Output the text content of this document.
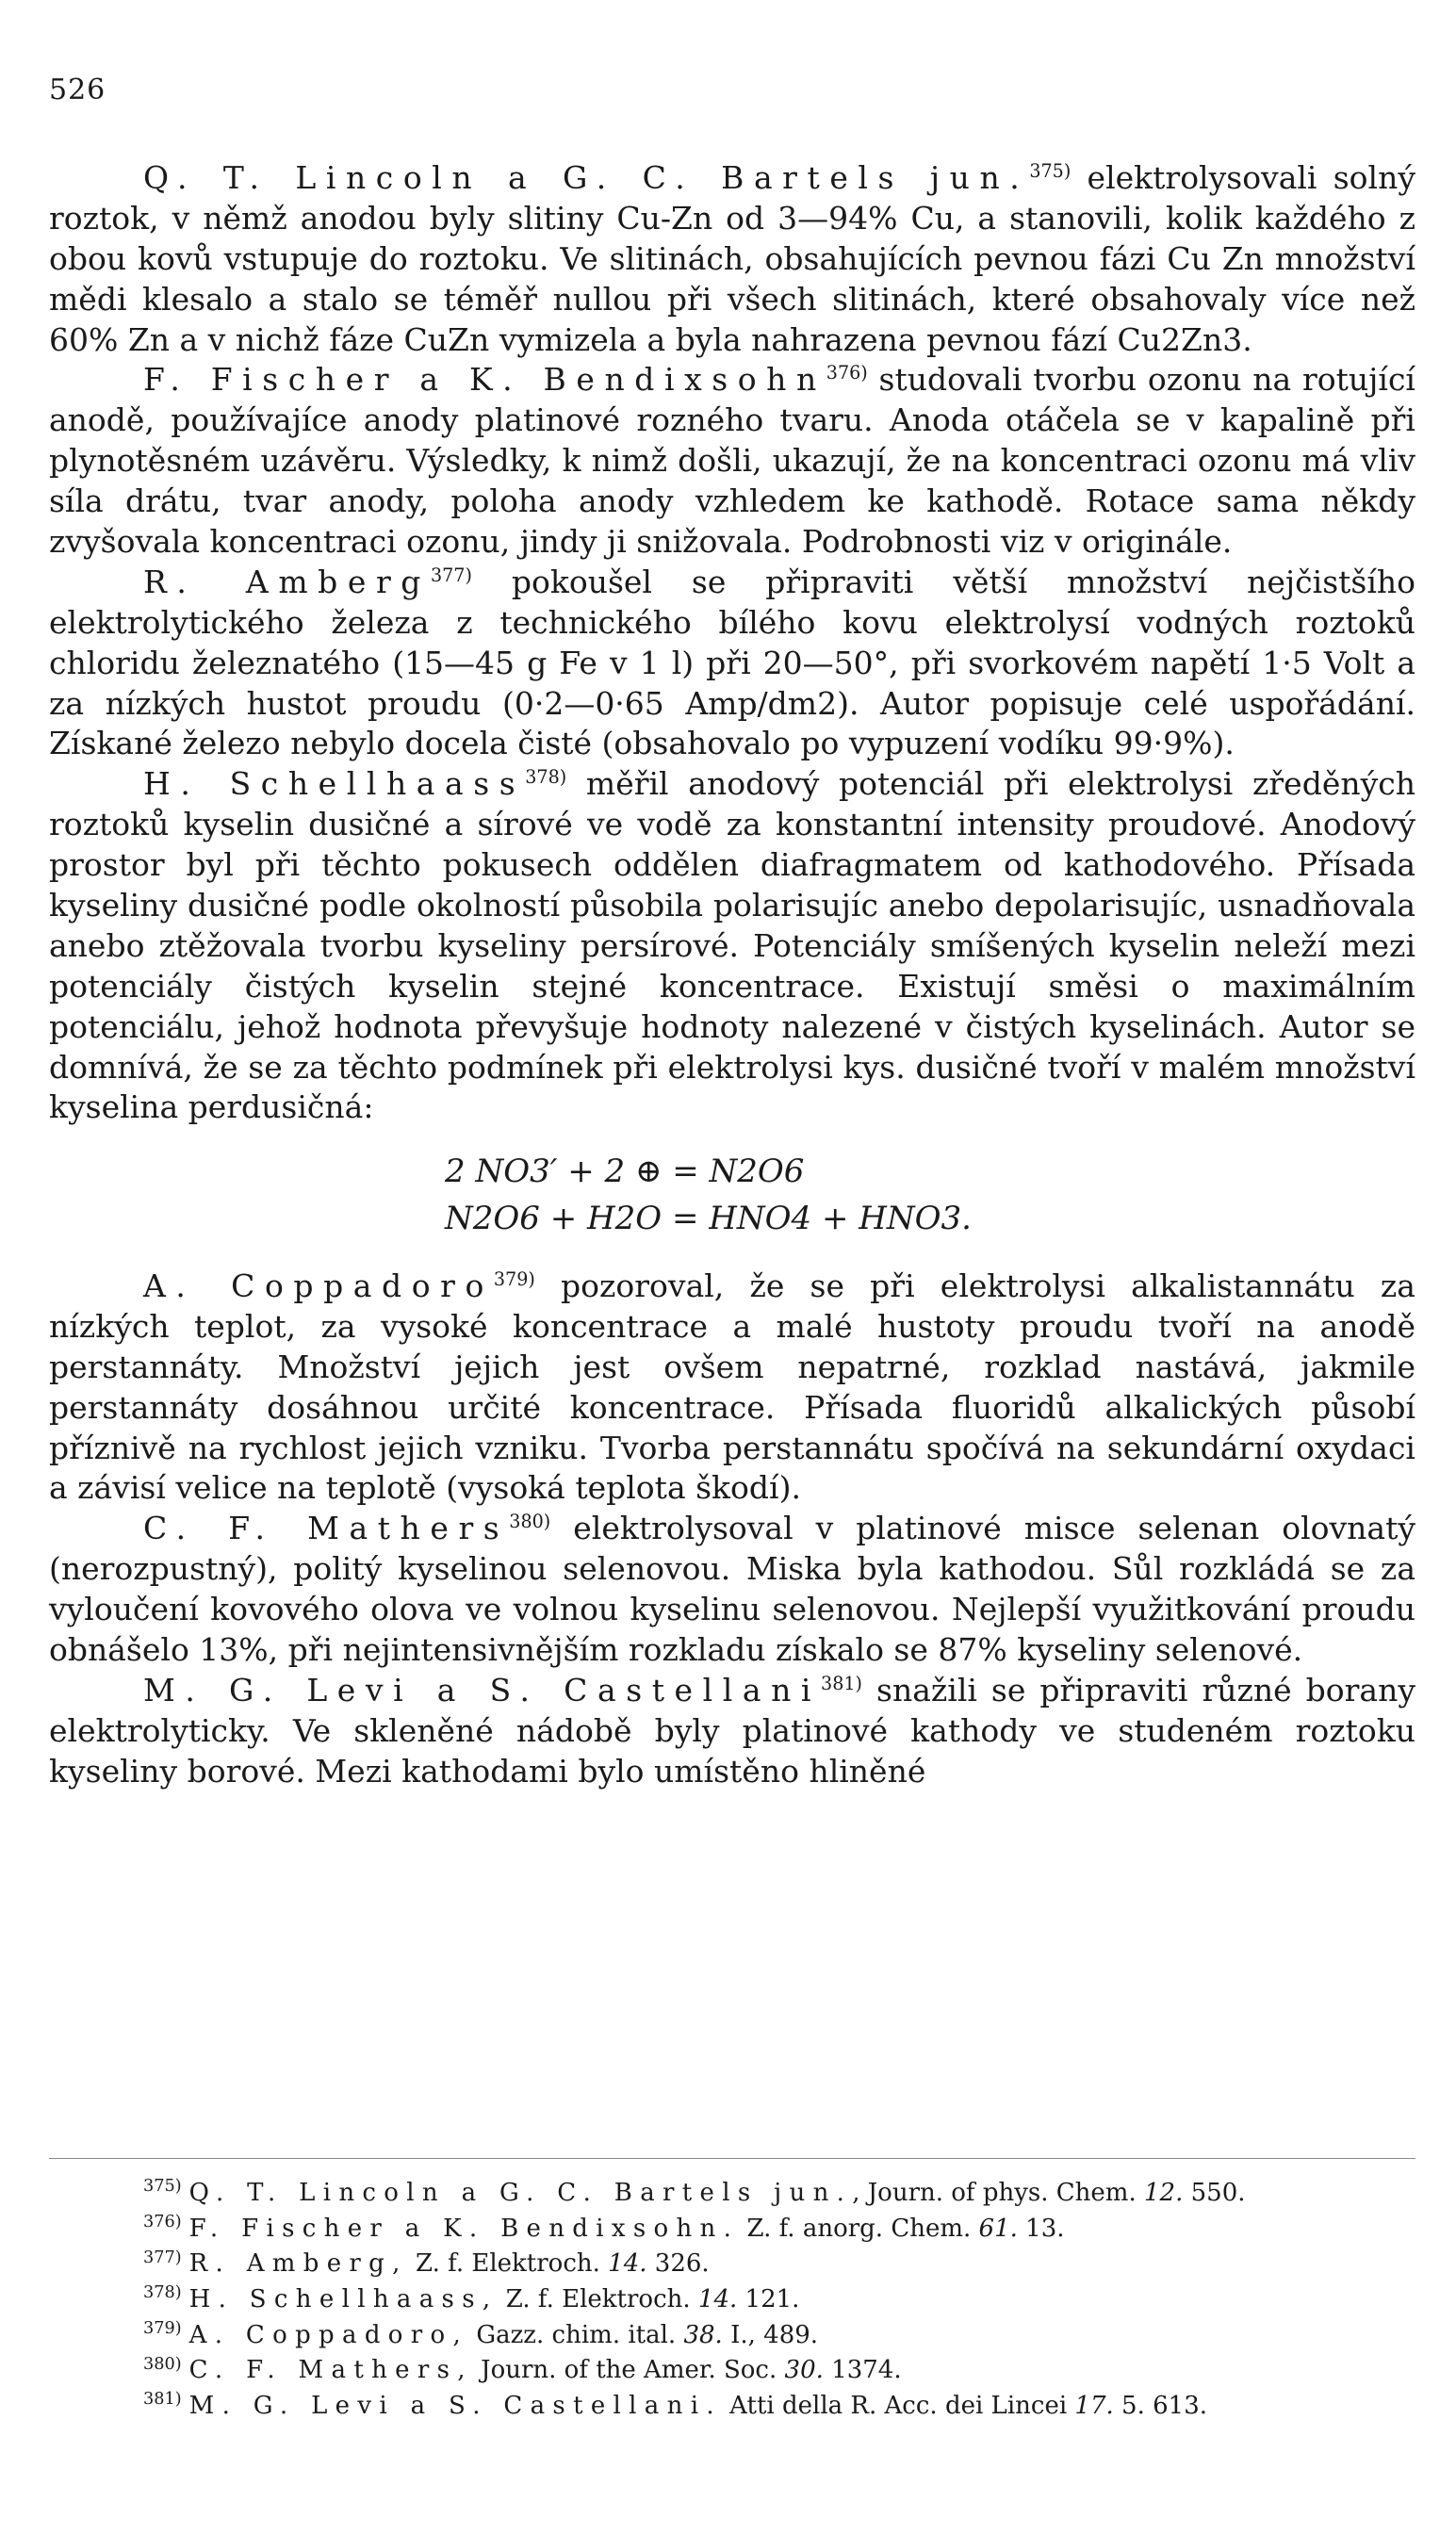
526

Q. T. Lincoln a G. C. Bartels jun.$^{375)}$ elektrolysovali solný roztok, v němž anodou byly slitiny Cu-Zn od 3—94% Cu, a stanovili, kolik každého z obou kovů vstupuje do roztoku. Ve slitinách, obsahujících pevnou fázi Cu Zn množství mědi klesalo a stalo se téměř nullou při všech slitinách, které obsahovaly více než 60% Zn a v nichž fáze CuZn vymizela a byla nahrazena pevnou fází Cu2Zn3.

F. Fischer a K. Bendixsohn$^{376)}$ studovali tvorbu ozonu na rotující anodě, používajíce anody platinové rozného tvaru. Anoda otáčela se v kapalině při plynotěsném uzávěru. Výsledky, k nimž došli, ukazují, že na koncentraci ozonu má vliv síla drátu, tvar anody, poloha anody vzhledem ke kathodě. Rotace sama někdy zvyšovala koncentraci ozonu, jindy ji snižovala. Podrobnosti viz v originále.

R. Amberg$^{377)}$ pokoušel se připraviti větší množství nejčistšího elektrolytického železa z technického bílého kovu elektrolysí vodných roztoků chloridu železnatého (15—45 g Fe v 1 l) při 20—50°, při svorkovém napětí 1·5 Volt a za nízkých hustot proudu (0·2—0·65 Amp/dm2). Autor popisuje celé uspořádání. Získané železo nebylo docela čisté (obsahovalo po vypuzení vodíku 99·9%).

H. Schellhaass$^{378)}$ měřil anodový potenciál při elektrolysi zředěných roztoků kyselin dusičné a sírové ve vodě za konstantní intensity proudové. Anodový prostor byl při těchto pokusech oddělen diafragmatem od kathodového. Přísada kyseliny dusičné podle okolností působila polarisujíc anebo depolarisujíc, usnadňovala anebo ztěžovala tvorbu kyseliny persírové. Potenciály smíšených kyselin neleží mezi potenciály čistých kyselin stejné koncentrace. Existují směsi o maximálním potenciálu, jehož hodnota převyšuje hodnoty nalezené v čistých kyselinách. Autor se domnívá, že se za těchto podmínek při elektrolysi kys. dusičné tvoří v malém množství kyselina perdusičná:

2 NO3′ + 2 ⊕ = N2O6
N2O6 + H2O = HNO4 + HNO3.

A. Coppadoro$^{379)}$ pozoroval, že se při elektrolysi alkalistannátu za nízkých teplot, za vysoké koncentrace a malé hustoty proudu tvoří na anodě perstannáty. Množství jejich jest ovšem nepatrné, rozklad nastává, jakmile perstannáty dosáhnou určité koncentrace. Přísada fluoridů alkalických působí příznivě na rychlost jejich vzniku. Tvorba perstannátu spočívá na sekundární oxydaci a závisí velice na teplotě (vysoká teplota škodí).

C. F. Mathers$^{380)}$ elektrolysoval v platinové misce selenan olovnatý (nerozpustný), politý kyselinou selenovou. Miska byla kathodou. Sůl rozkládá se za vyloučení kovového olova ve volnou kyselinu selenovou. Nejlepší využitkování proudu obnášelo 13%, při nejintensivnějším rozkladu získalo se 87% kyseliny selenové.

M. G. Levi a S. Castellani$^{381)}$ snažili se připraviti různé borany elektrolyticky. Ve skleněné nádobě byly platinové kathody ve studeném roztoku kyseliny borové. Mezi kathodami bylo umístěno hliněné

$^{375)}$ Q. T. Lincoln a G. C. Bartels jun., Journ. of phys. Chem. 12. 550.
$^{376)}$ F. Fischer a K. Bendixsohn. Z. f. anorg. Chem. 61. 13.
$^{377)}$ R. Amberg, Z. f. Elektroch. 14. 326.
$^{378)}$ H. Schellhaass, Z. f. Elektroch. 14. 121.
$^{379)}$ A. Coppadoro, Gazz. chim. ital. 38. I., 489.
$^{380)}$ C. F. Mathers, Journ. of the Amer. Soc. 30. 1374.
$^{381)}$ M. G. Levi a S. Castellani. Atti della R. Acc. dei Lincei 17. 5. 613.
